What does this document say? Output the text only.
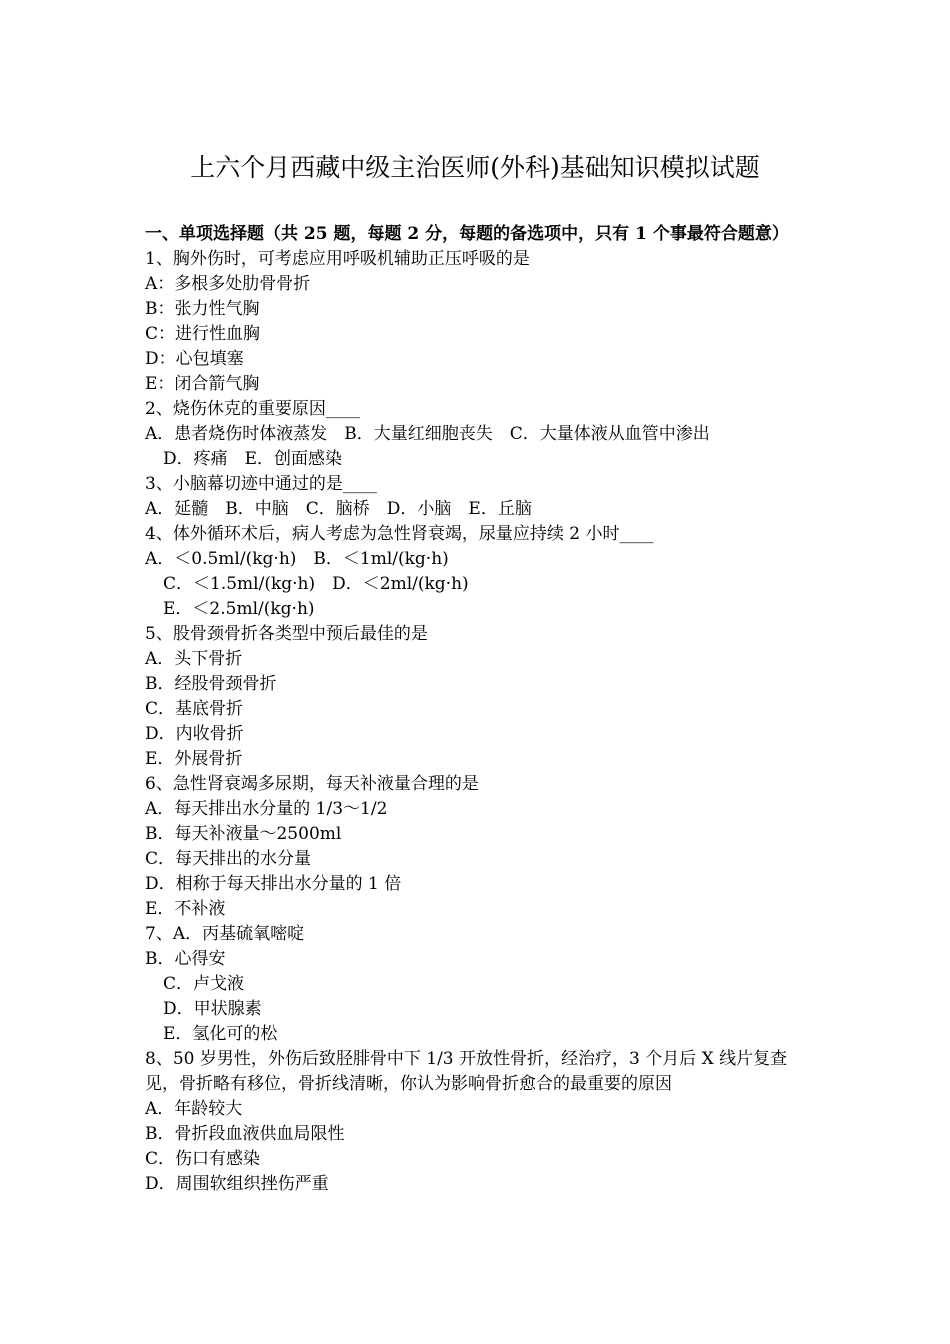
上六个月西藏中级主治医师(外科)基础知识模拟试题
一、单项选择题（共 25 题，每题 2 分，每题的备选项中，只有 1 个事最符合题意）
1、胸外伤时，可考虑应用呼吸机辅助正压呼吸的是
A：多根多处肋骨骨折
B：张力性气胸
C：进行性血胸
D：心包填塞
E：闭合箭气胸
2、烧伤休克的重要原因____
A．患者烧伤时体液蒸发　B．大量红细胞丧失　C．大量体液从血管中渗出
D．疼痛　E．创面感染
3、小脑幕切迹中通过的是____
A．延髓　B．中脑　C．脑桥　D．小脑　E．丘脑
4、体外循环术后，病人考虑为急性肾衰竭，尿量应持续 2 小时____
A．＜0.5ml/(kg·h)　B．＜1ml/(kg·h)
C．＜1.5ml/(kg·h)　D．＜2ml/(kg·h)
E．＜2.5ml/(kg·h)
5、股骨颈骨折各类型中预后最佳的是
A．头下骨折
B．经股骨颈骨折
C．基底骨折
D．内收骨折
E．外展骨折
6、急性肾衰竭多尿期，每天补液量合理的是
A．每天排出水分量的 1/3～1/2
B．每天补液量～2500ml
C．每天排出的水分量
D．相称于每天排出水分量的 1 倍
E．不补液
7、A．丙基硫氧嘧啶
B．心得安
C．卢戈液
D．甲状腺素
E．氢化可的松
8、50 岁男性，外伤后致胫腓骨中下 1/3 开放性骨折，经治疗，3 个月后 X 线片复查见，骨折略有移位，骨折线清晰，你认为影响骨折愈合的最重要的原因
A．年龄较大
B．骨折段血液供血局限性
C．伤口有感染
D．周围软组织挫伤严重
